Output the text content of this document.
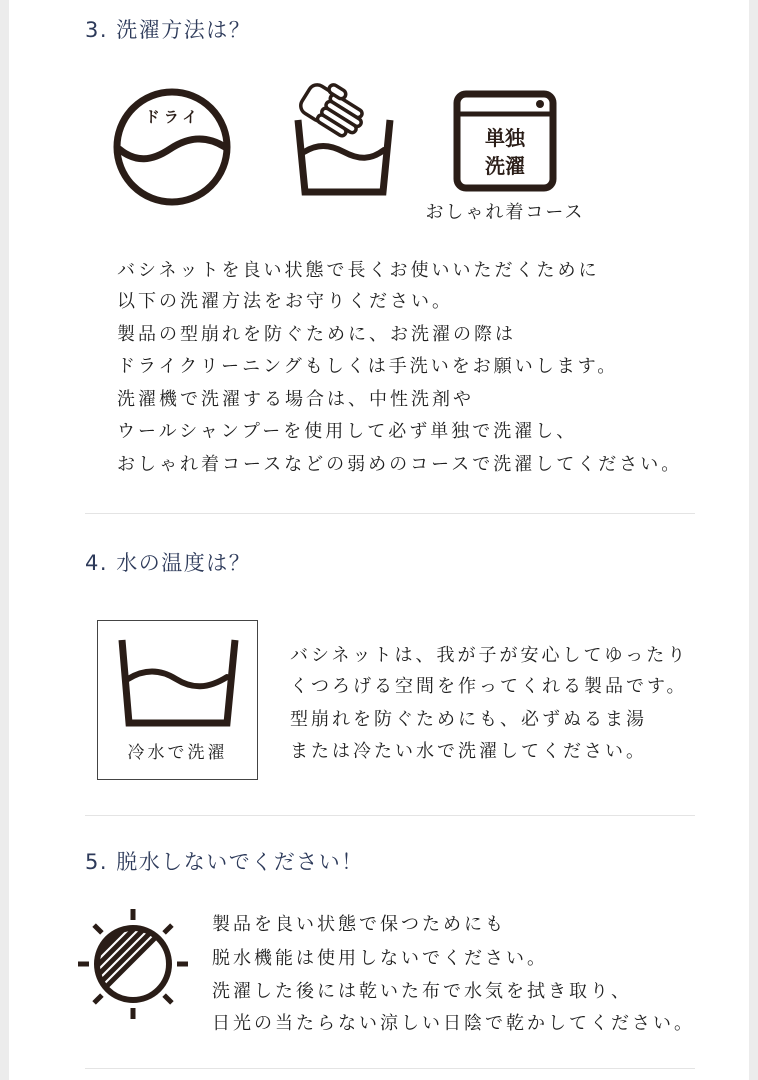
3. 洗濯方法は？
ドライ
単独
洗濯
おしゃれ着コース
バシネットを良い状態で長くお使いいただくために
以下の洗濯方法をお守りください。
製品の型崩れを防ぐために、お洗濯の際は
ドライクリーニングもしくは手洗いをお願いします。
洗濯機で洗濯する場合は、中性洗剤や
ウールシャンプーを使用して必ず単独で洗濯し、
おしゃれ着コースなどの弱めのコースで洗濯してください。
4. 水の温度は？
冷水で洗濯
バシネットは、我が子が安心してゆったり
くつろげる空間を作ってくれる製品です。
型崩れを防ぐためにも、必ずぬるま湯
または冷たい水で洗濯してください。
5. 脱水しないでください！
製品を良い状態で保つためにも
脱水機能は使用しないでください。
洗濯した後には乾いた布で水気を拭き取り、
日光の当たらない涼しい日陰で乾かしてください。
